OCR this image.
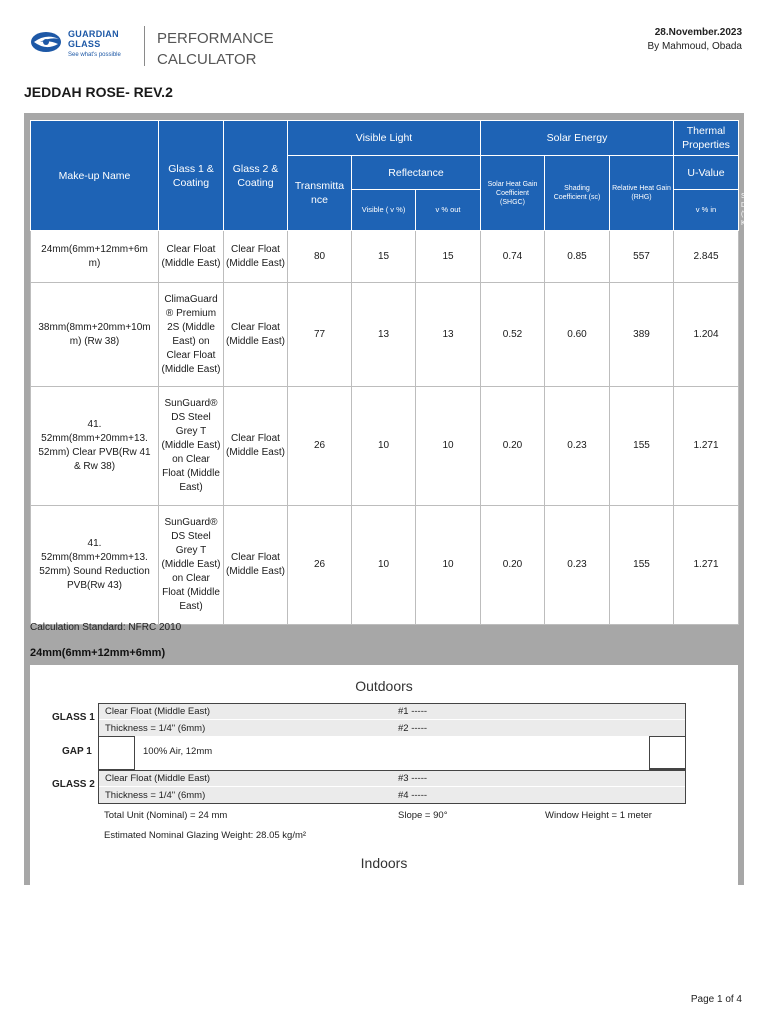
GUARDIAN
GLASS
See what's possible
PERFORMANCE CALCULATOR
28.November.2023
By Mahmoud, Obada
JEDDAH ROSE- REV.2
Make-up Name	Glass 1 & Coating	Glass 2 & Coating	Visible Light			Solar Energy			Thermal Properties	
			Transmitta nce	Reflectance		Solar Heat Gain Coefficient (SHGC)	Shading Coefficient (sc)	Relative Heat Gain (RHG)	U-Value	
				Visible ( v %)	v % out				v % in	Summer Day (W/m²-K)
24mm(6mm+12mm+6m m)	Clear Float (Middle East)	Clear Float (Middle East)	80	15	15	0.74	0.85	557	2.845	
38mm(8mm+20mm+10m m) (Rw 38)	ClimaGuard ® Premium 2S (Middle East) on Clear Float (Middle East)	Clear Float (Middle East)	77	13	13	0.52	0.60	389	1.204	
41. 52mm(8mm+20mm+13. 52mm) Clear PVB(Rw 41 & Rw 38)	SunGuard® DS Steel Grey T (Middle East) on Clear Float (Middle East)	Clear Float (Middle East)	26	10	10	0.20	0.23	155	1.271	
41. 52mm(8mm+20mm+13. 52mm) Sound Reduction PVB(Rw 43)	SunGuard® DS Steel Grey T (Middle East) on Clear Float (Middle East)	Clear Float (Middle East)	26	10	10	0.20	0.23	155	1.271	
Calculation Standard: NFRC 2010
24mm(6mm+12mm+6mm)
Outdoors
GLASS 1
Clear Float (Middle East)	#1 -----
Thickness = 1/4" (6mm)	#2 -----
GAP 1	100% Air, 12mm
GLASS 2
Clear Float (Middle East)	#3 -----
Thickness = 1/4" (6mm)	#4 -----
Total Unit (Nominal) = 24 mm	Slope = 90°	Window Height = 1 meter
Estimated Nominal Glazing Weight: 28.05 kg/m²
Indoors
Page 1 of 4
